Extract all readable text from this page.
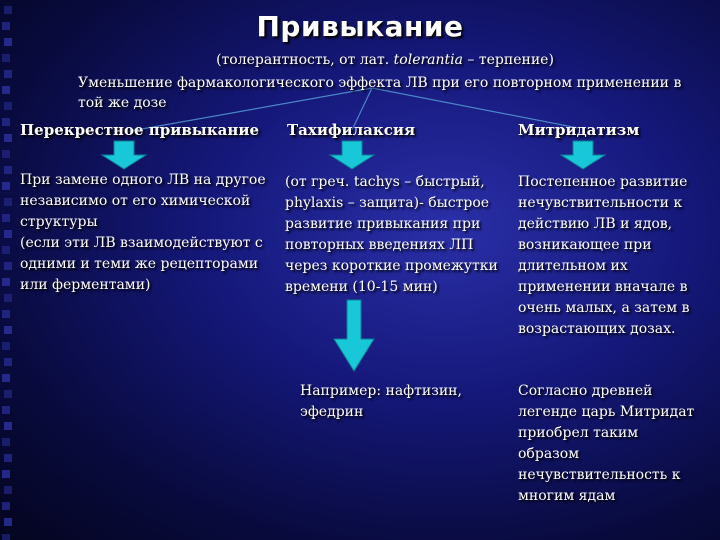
Привыкание
(толерантность, от лат. tolerantia – терпение)
Уменьшение фармакологического эффекта ЛВ при его повторном применении в той же дозе
Перекрестное привыкание	Тахифилаксия	Митридатизм
При замене одного ЛВ на другое независимо от его химической структуры
(если эти ЛВ взаимодействуют с одними и теми же рецепторами или ферментами)
(от греч. tachys – быстрый, phylaxis – защита)- быстрое развитие привыкания при повторных введениях ЛП через короткие промежутки времени (10-15 мин)
Например: нафтизин, эфедрин
Постепенное развитие нечувствительности к действию ЛВ и ядов, возникающее при длительном их применении вначале в очень малых, а затем в возрастающих дозах.
Согласно древней легенде царь Митридат приобрел таким образом нечувствительность к многим ядам
